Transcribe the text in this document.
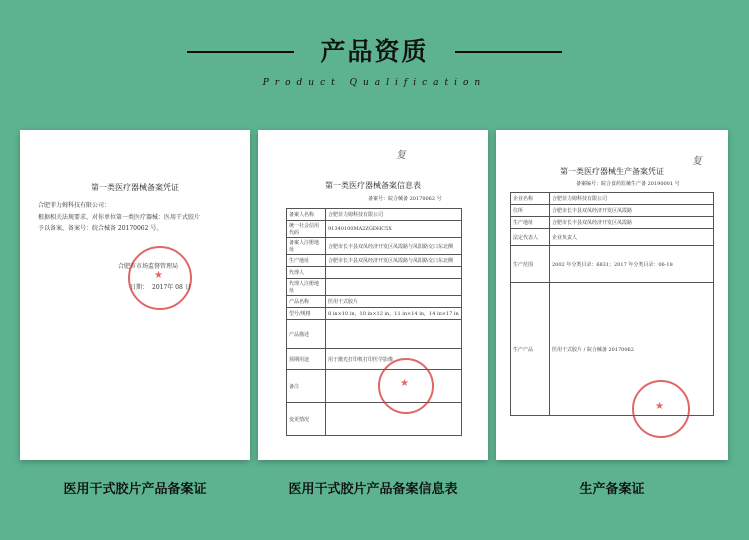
产品资质
Product Qualification
第一类医疗器械备案凭证
合肥菲力姆科技有限公司：
根据相关法规要求，对你单位第一类医疗器械：医用干式胶片
予以备案，备案号：皖合械备 20170062 号。
★
合肥市市场监督管理局
日期： 2017年 08 日
复
第一类医疗器械备案信息表
备案号：皖合械备 20170062 号
备案人名称	合肥菲力姆科技有限公司
统一社会信用代码	91340100MA2ZGDHC5X
备案人注册地址	合肥市长丰县双凤经济开发区凤霞路与凤阳路交口东北侧
生产地址	合肥市长丰县双凤经济开发区凤霞路与凤阳路交口东北侧
代理人	
代理人注册地址	
产品名称	医用干式胶片
型号/规格	8 in×10 in，10 in×12 in，11 in×14 in，14 in×17 in
产品描述	
预期用途	用于激光打印机打印医学影像
备注	
变更情况	
★
复
第一类医疗器械生产备案凭证
备案编号：皖合食药监械生产备 20190001 号
企业名称	合肥菲力姆科技有限公司
住所	合肥市长丰县双凤经济开发区凤霞路
生产地址	合肥市长丰县双凤经济开发区凤霞路
法定代表人	企业负责人
生产范围	2002 年分类目录：6831；2017 年分类目录：06-18
生产产品	医用干式胶片 / 皖合械备 20170062
★
医用干式胶片产品备案证	医用干式胶片产品备案信息表	生产备案证
